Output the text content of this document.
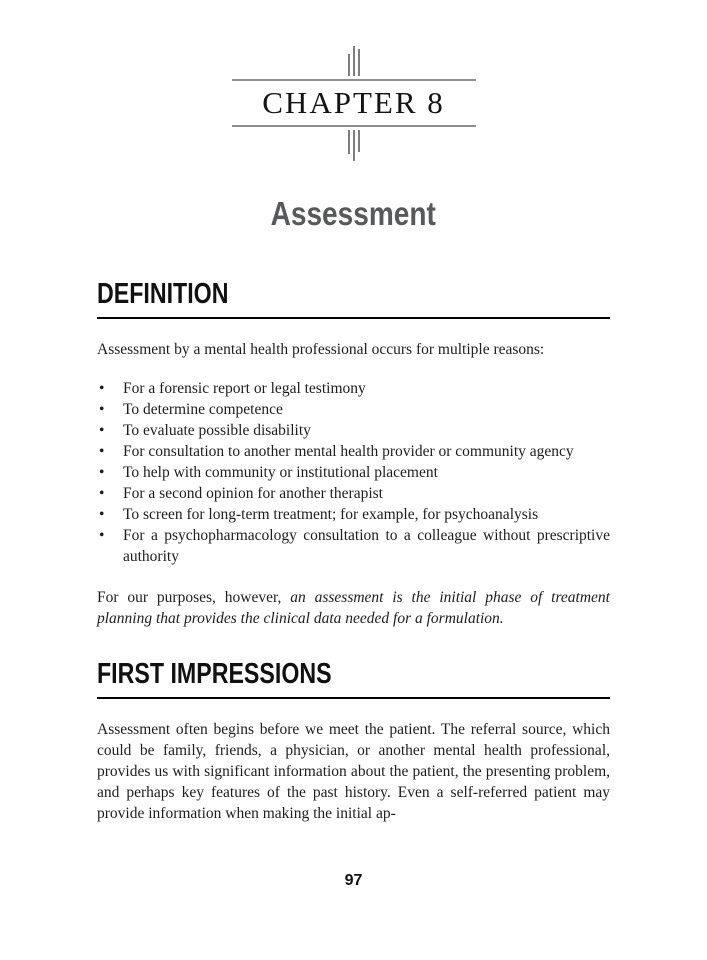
CHAPTER 8
Assessment
DEFINITION

Assessment by a mental health professional occurs for multiple reasons:

• For a forensic report or legal testimony
• To determine competence
• To evaluate possible disability
• For consultation to another mental health provider or community agency
• To help with community or institutional placement
• For a second opinion for another therapist
• To screen for long-term treatment; for example, for psychoanalysis
• For a psychopharmacology consultation to a colleague without prescriptive authority

For our purposes, however, an assessment is the initial phase of treatment planning that provides the clinical data needed for a formulation.

FIRST IMPRESSIONS

Assessment often begins before we meet the patient. The referral source, which could be family, friends, a physician, or another mental health professional, provides us with significant information about the patient, the presenting problem, and perhaps key features of the past history. Even a self-referred patient may provide information when making the initial ap-

97
